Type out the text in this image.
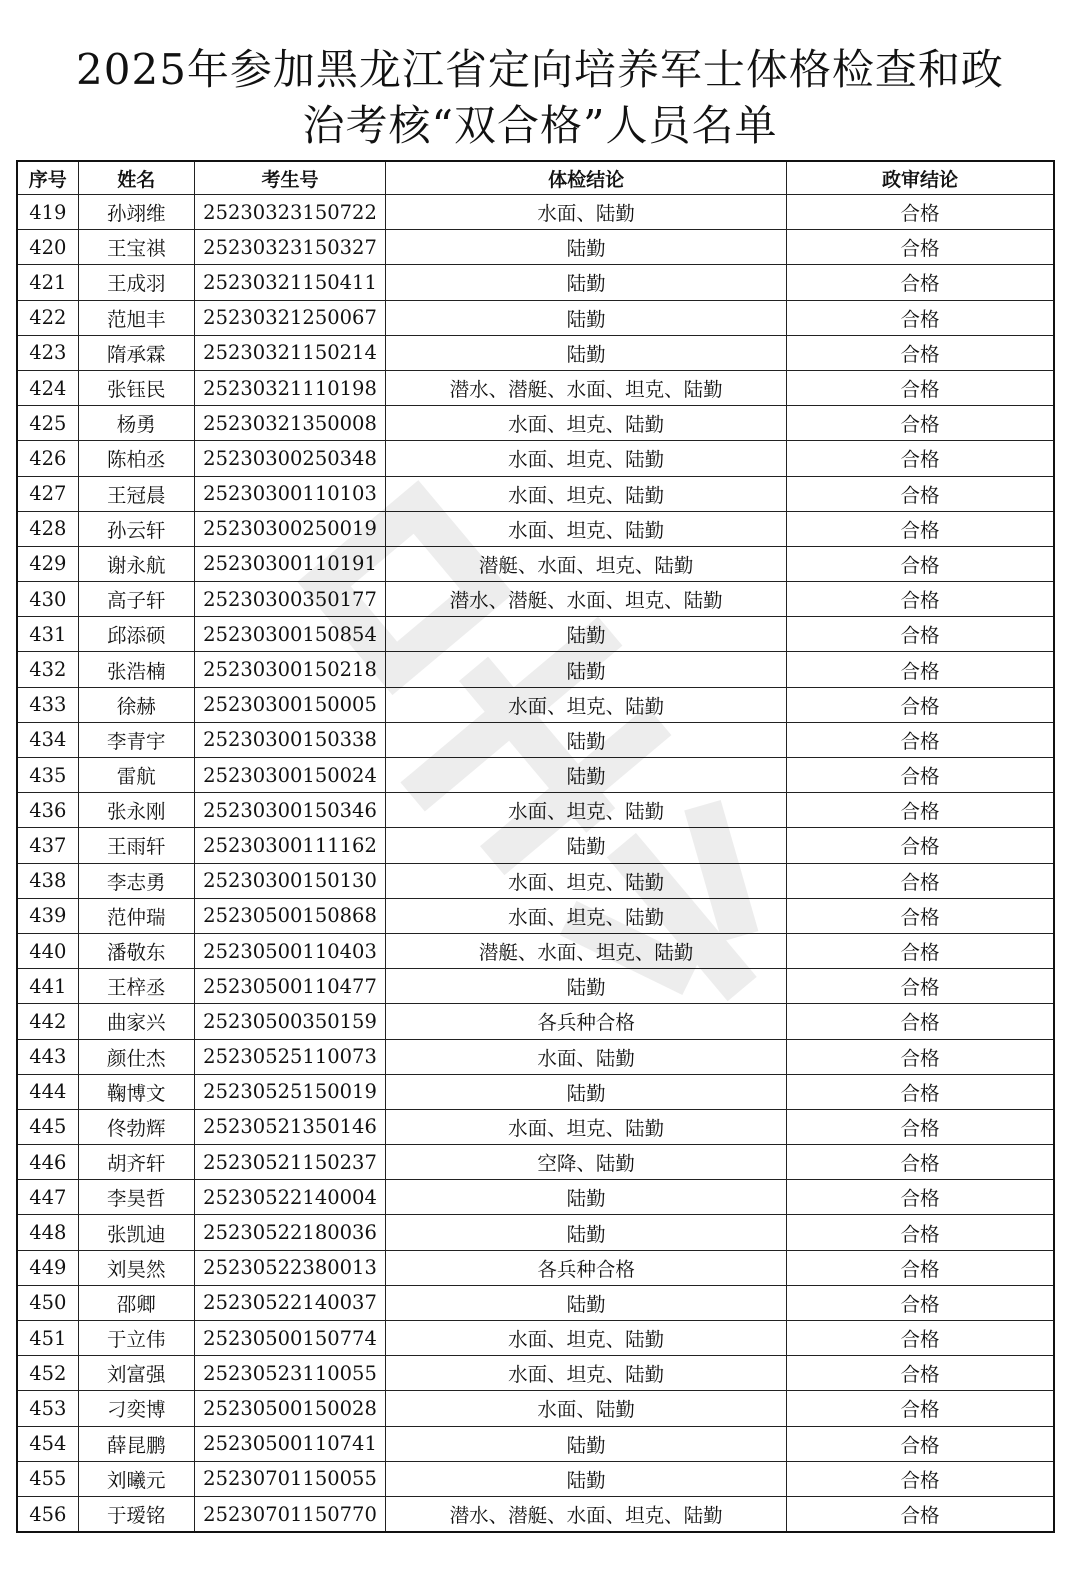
2025年参加黑龙江省定向培养军士体格检查和政
治考核“双合格”人员名单
序号	姓名	考生号	体检结论	政审结论
419	孙翊维	25230323150722	水面、陆勤	合格
420	王宝祺	25230323150327	陆勤	合格
421	王成羽	25230321150411	陆勤	合格
422	范旭丰	25230321250067	陆勤	合格
423	隋承霖	25230321150214	陆勤	合格
424	张钰民	25230321110198	潜水、潜艇、水面、坦克、陆勤	合格
425	杨勇	25230321350008	水面、坦克、陆勤	合格
426	陈柏丞	25230300250348	水面、坦克、陆勤	合格
427	王冠晨	25230300110103	水面、坦克、陆勤	合格
428	孙云轩	25230300250019	水面、坦克、陆勤	合格
429	谢永航	25230300110191	潜艇、水面、坦克、陆勤	合格
430	高子轩	25230300350177	潜水、潜艇、水面、坦克、陆勤	合格
431	邱添硕	25230300150854	陆勤	合格
432	张浩楠	25230300150218	陆勤	合格
433	徐赫	25230300150005	水面、坦克、陆勤	合格
434	李青宇	25230300150338	陆勤	合格
435	雷航	25230300150024	陆勤	合格
436	张永刚	25230300150346	水面、坦克、陆勤	合格
437	王雨轩	25230300111162	陆勤	合格
438	李志勇	25230300150130	水面、坦克、陆勤	合格
439	范仲瑞	25230500150868	水面、坦克、陆勤	合格
440	潘敬东	25230500110403	潜艇、水面、坦克、陆勤	合格
441	王梓丞	25230500110477	陆勤	合格
442	曲家兴	25230500350159	各兵种合格	合格
443	颜仕杰	25230525110073	水面、陆勤	合格
444	鞠博文	25230525150019	陆勤	合格
445	佟勃辉	25230521350146	水面、坦克、陆勤	合格
446	胡齐轩	25230521150237	空降、陆勤	合格
447	李昊哲	25230522140004	陆勤	合格
448	张凯迪	25230522180036	陆勤	合格
449	刘昊然	25230522380013	各兵种合格	合格
450	邵卿	25230522140037	陆勤	合格
451	于立伟	25230500150774	水面、坦克、陆勤	合格
452	刘富强	25230523110055	水面、坦克、陆勤	合格
453	刁奕博	25230500150028	水面、陆勤	合格
454	薛昆鹏	25230500110741	陆勤	合格
455	刘曦元	25230701150055	陆勤	合格
456	于瑷铭	25230701150770	潜水、潜艇、水面、坦克、陆勤	合格
